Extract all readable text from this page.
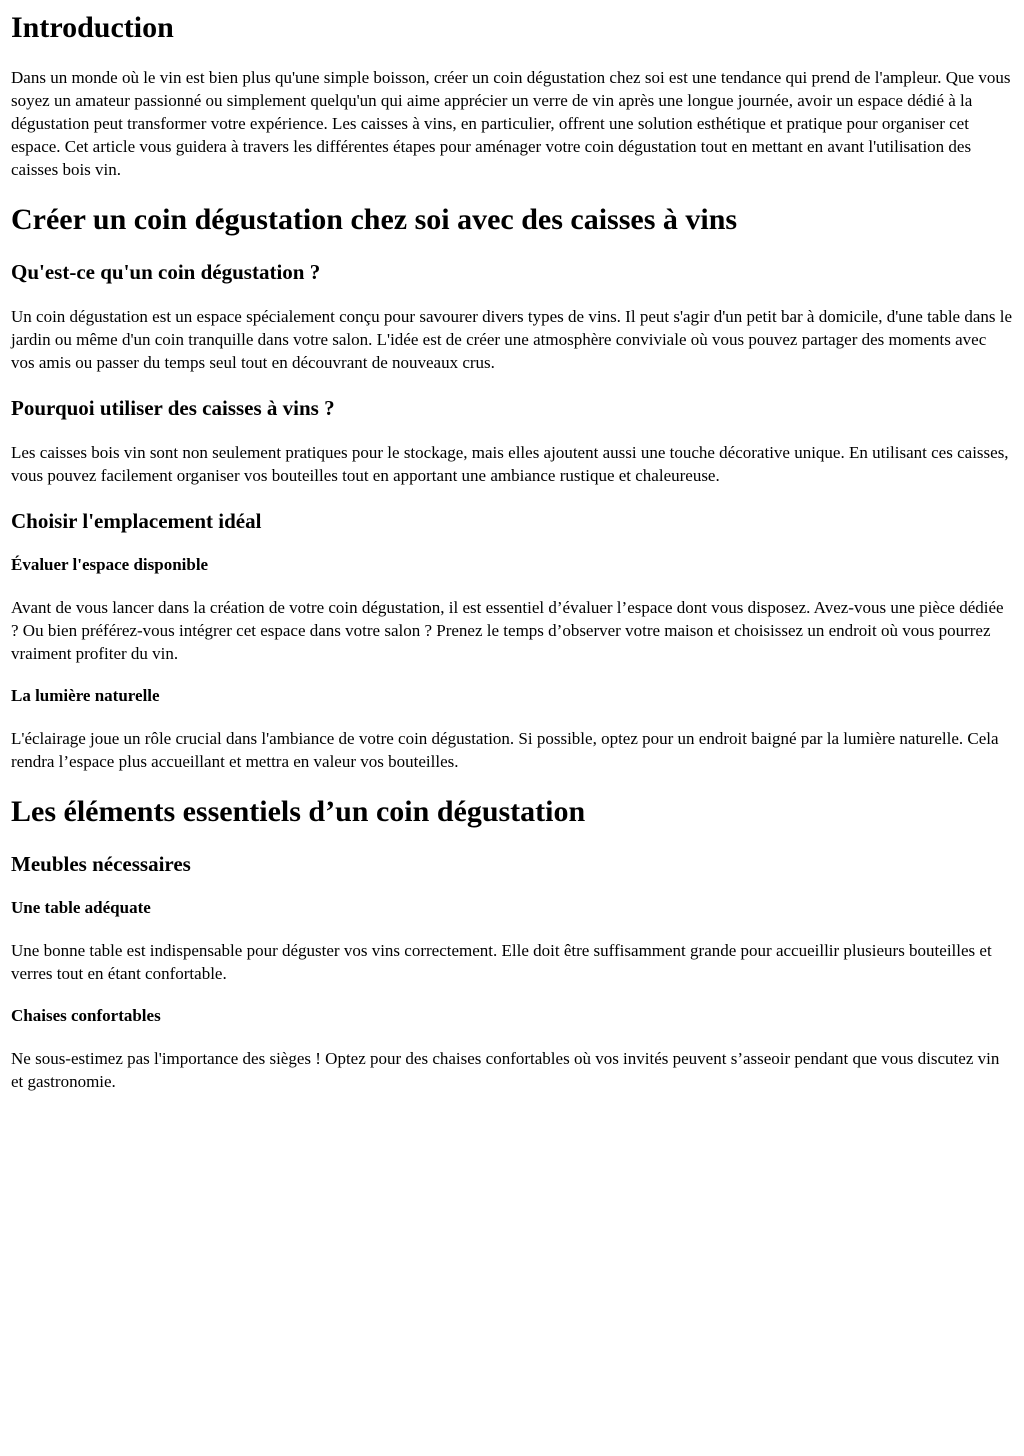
Introduction

Dans un monde où le vin est bien plus qu'une simple boisson, créer un coin dégustation chez soi est une tendance qui prend de l'ampleur. Que vous soyez un amateur passionné ou simplement quelqu'un qui aime apprécier un verre de vin après une longue journée, avoir un espace dédié à la dégustation peut transformer votre expérience. Les caisses à vins, en particulier, offrent une solution esthétique et pratique pour organiser cet espace. Cet article vous guidera à travers les différentes étapes pour aménager votre coin dégustation tout en mettant en avant l'utilisation des caisses bois vin.

Créer un coin dégustation chez soi avec des caisses à vins
Qu'est-ce qu'un coin dégustation ?

Un coin dégustation est un espace spécialement conçu pour savourer divers types de vins. Il peut s'agir d'un petit bar à domicile, d'une table dans le jardin ou même d'un coin tranquille dans votre salon. L'idée est de créer une atmosphère conviviale où vous pouvez partager des moments avec vos amis ou passer du temps seul tout en découvrant de nouveaux crus.

Pourquoi utiliser des caisses à vins ?

Les caisses bois vin sont non seulement pratiques pour le stockage, mais elles ajoutent aussi une touche décorative unique. En utilisant ces caisses, vous pouvez facilement organiser vos bouteilles tout en apportant une ambiance rustique et chaleureuse.

Choisir l'emplacement idéal
Évaluer l'espace disponible

Avant de vous lancer dans la création de votre coin dégustation, il est essentiel d’évaluer l’espace dont vous disposez. Avez-vous une pièce dédiée ? Ou bien préférez-vous intégrer cet espace dans votre salon ? Prenez le temps d’observer votre maison et choisissez un endroit où vous pourrez vraiment profiter du vin.

La lumière naturelle

L'éclairage joue un rôle crucial dans l'ambiance de votre coin dégustation. Si possible, optez pour un endroit baigné par la lumière naturelle. Cela rendra l’espace plus accueillant et mettra en valeur vos bouteilles.

Les éléments essentiels d’un coin dégustation
Meubles nécessaires
Une table adéquate

Une bonne table est indispensable pour déguster vos vins correctement. Elle doit être suffisamment grande pour accueillir plusieurs bouteilles et verres tout en étant confortable.

Chaises confortables

Ne sous-estimez pas l'importance des sièges ! Optez pour des chaises confortables où vos invités peuvent s’asseoir pendant que vous discutez vin et gastronomie.
